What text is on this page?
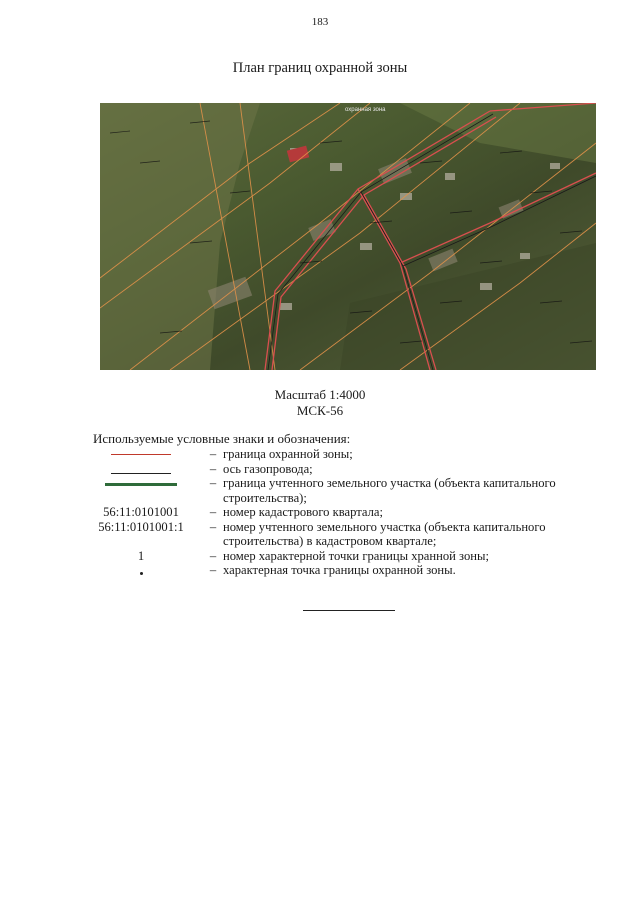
183
План границ охранной зоны
охранная зона
Масштаб 1:4000
МСК-56
Используемые условные знаки и обозначения:
– граница охранной зоны;
– ось газопровода;
– граница учтенного земельного участка (объекта капитального строительства);
56:11:0101001	– номер кадастрового квартала;
56:11:0101001:1	– номер учтенного земельного участка (объекта капитального строительства) в кадастровом квартале;
1	– номер характерной точки границы хранной зоны;
– характерная точка границы охранной зоны.
